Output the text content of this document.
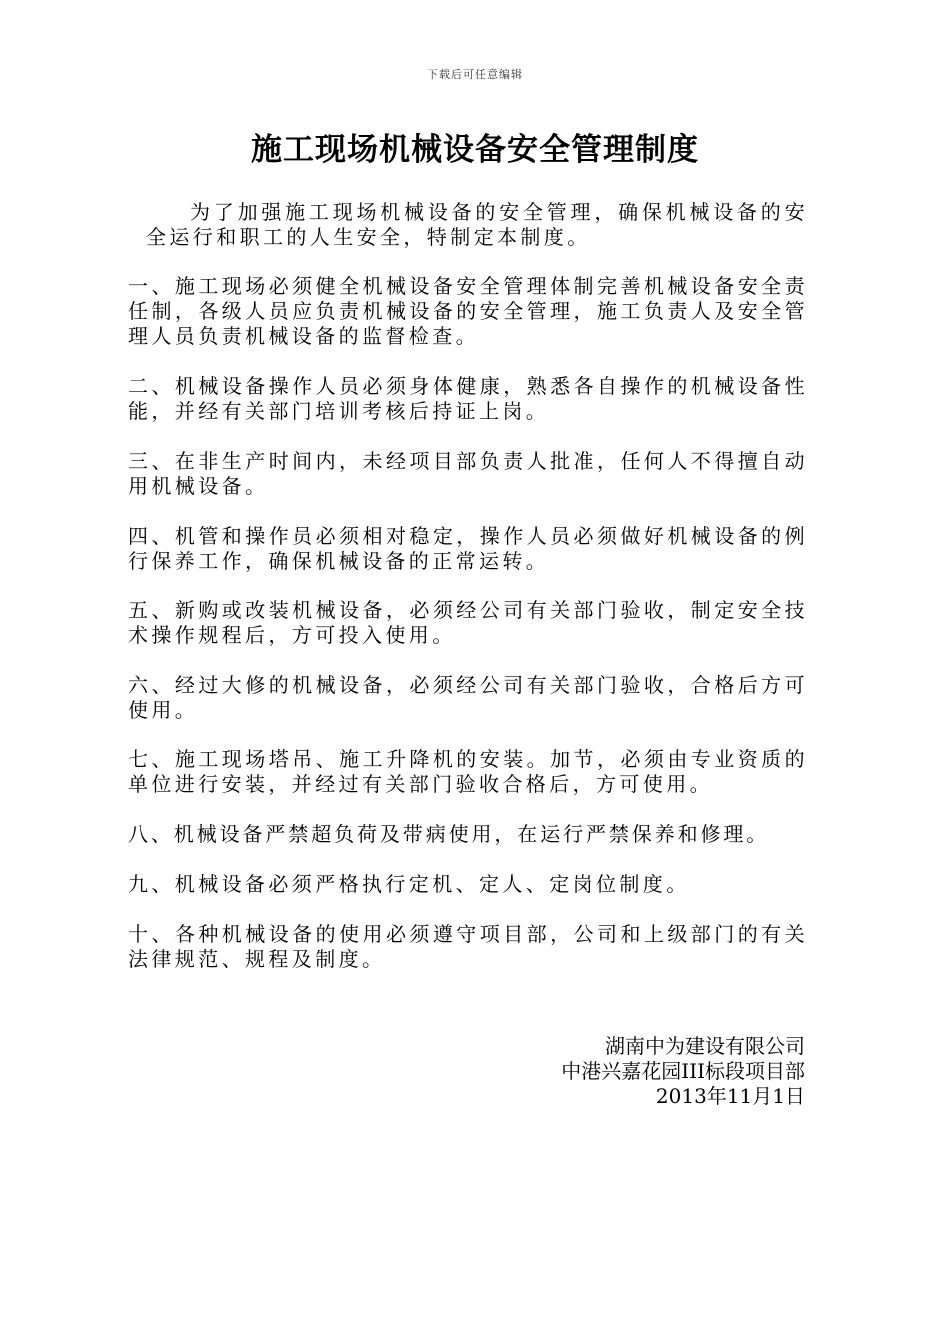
下载后可任意编辑
施工现场机械设备安全管理制度
为了加强施工现场机械设备的安全管理，确保机械设备的安全运行和职工的人生安全，特制定本制度。
一、施工现场必须健全机械设备安全管理体制完善机械设备安全责　任制，各级人员应负责机械设备的安全管理，施工负责人及安全管理人员负责机械设备的监督检查。
二、机械设备操作人员必须身体健康，熟悉各自操作的机械设备性能，并经有关部门培训考核后持证上岗。
三、在非生产时间内，未经项目部负责人批准，任何人不得擅自动用机械设备。
四、机管和操作员必须相对稳定，操作人员必须做好机械设备的例行保养工作，确保机械设备的正常运转。
五、新购或改装机械设备，必须经公司有关部门验收，制定安全技术操作规程后，方可投入使用。
六、经过大修的机械设备，必须经公司有关部门验收，合格后方可使用。
七、施工现场塔吊、施工升降机的安装。加节，必须由专业资质的单位进行安装，并经过有关部门验收合格后，方可使用。
八、机械设备严禁超负荷及带病使用，在运行严禁保养和修理。
九、机械设备必须严格执行定机、定人、定岗位制度。
十、各种机械设备的使用必须遵守项目部，公司和上级部门的有关法律规范、规程及制度。
湖南中为建设有限公司
中港兴嘉花园III标段项目部
2013年11月1日
